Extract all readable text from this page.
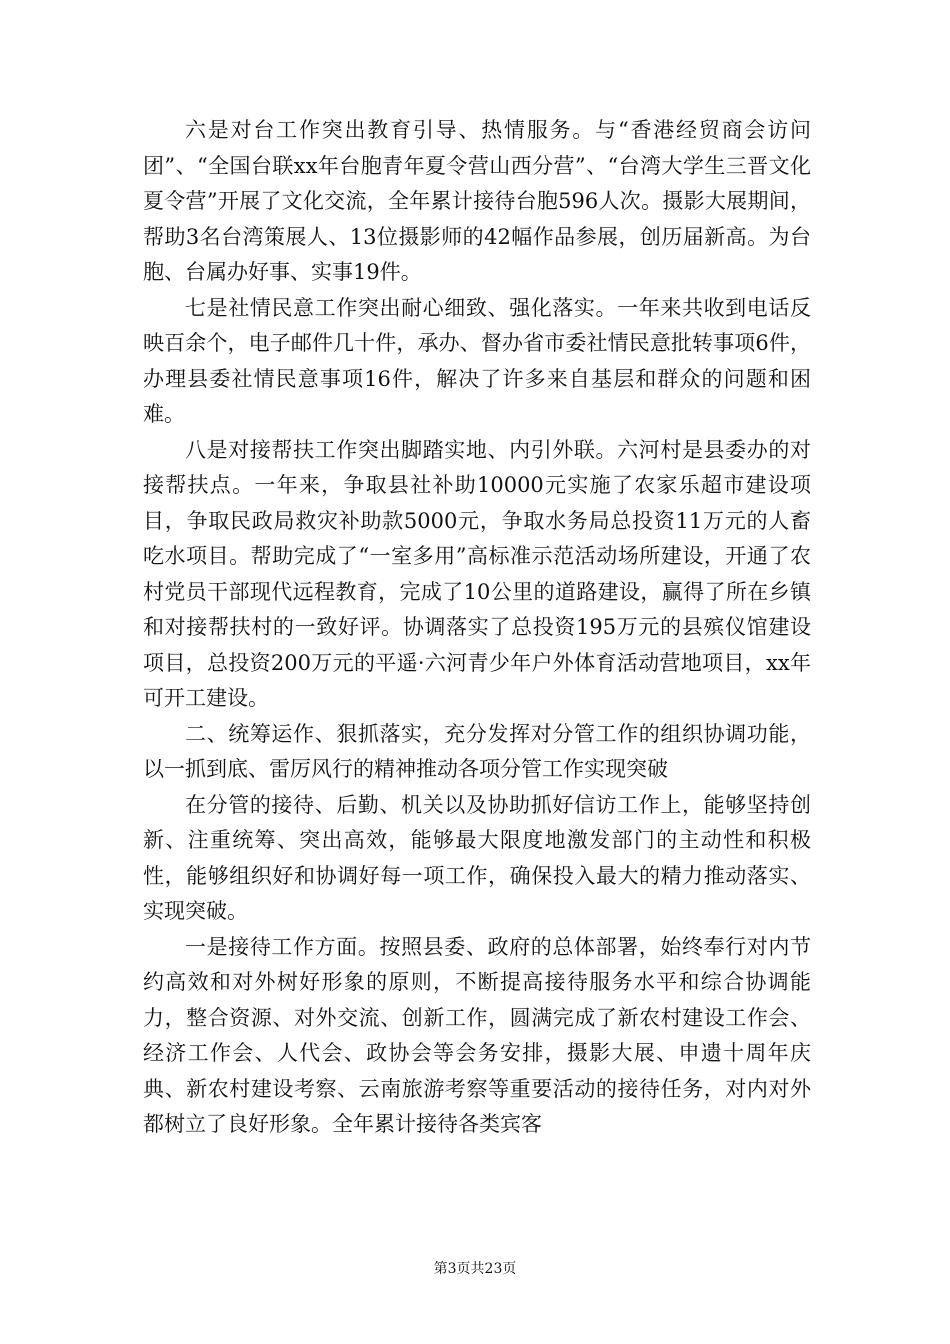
六是对台工作突出教育引导、热情服务。与“香港经贸商会访问团”、“全国台联xx年台胞青年夏令营山西分营”、“台湾大学生三晋文化夏令营”开展了文化交流，全年累计接待台胞596人次。摄影大展期间，帮助3名台湾策展人、13位摄影师的42幅作品参展，创历届新高。为台胞、台属办好事、实事19件。

七是社情民意工作突出耐心细致、强化落实。一年来共收到电话反映百余个，电子邮件几十件，承办、督办省市委社情民意批转事项6件，办理县委社情民意事项16件，解决了许多来自基层和群众的问题和困难。

八是对接帮扶工作突出脚踏实地、内引外联。六河村是县委办的对接帮扶点。一年来，争取县社补助10000元实施了农家乐超市建设项目，争取民政局救灾补助款5000元，争取水务局总投资11万元的人畜吃水项目。帮助完成了“一室多用”高标准示范活动场所建设，开通了农村党员干部现代远程教育，完成了10公里的道路建设，赢得了所在乡镇和对接帮扶村的一致好评。协调落实了总投资195万元的县殡仪馆建设项目，总投资200万元的平遥·六河青少年户外体育活动营地项目，xx年可开工建设。

二、统筹运作、狠抓落实，充分发挥对分管工作的组织协调功能，以一抓到底、雷厉风行的精神推动各项分管工作实现突破

在分管的接待、后勤、机关以及协助抓好信访工作上，能够坚持创新、注重统筹、突出高效，能够最大限度地激发部门的主动性和积极性，能够组织好和协调好每一项工作，确保投入最大的精力推动落实、实现突破。

一是接待工作方面。按照县委、政府的总体部署，始终奉行对内节约高效和对外树好形象的原则，不断提高接待服务水平和综合协调能力，整合资源、对外交流、创新工作，圆满完成了新农村建设工作会、经济工作会、人代会、政协会等会务安排，摄影大展、申遗十周年庆典、新农村建设考察、云南旅游考察等重要活动的接待任务，对内对外都树立了良好形象。全年累计接待各类宾客

第3页共23页
